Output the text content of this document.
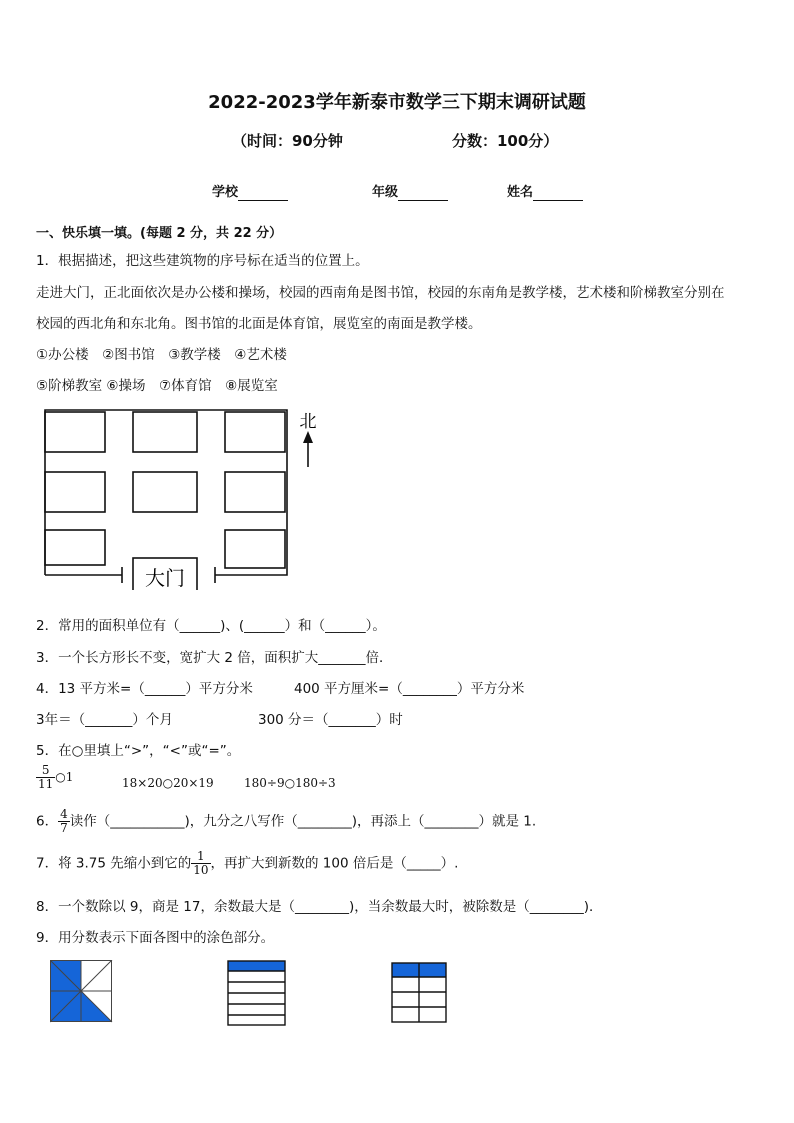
2022-2023学年新泰市数学三下期末调研试题
（时间：90分钟	分数：100分）
学校	年级	姓名
一、快乐填一填。(每题 2 分，共 22 分）
1．根据描述，把这些建筑物的序号标在适当的位置上。
走进大门，正北面依次是办公楼和操场，校园的西南角是图书馆，校园的东南角是教学楼，艺术楼和阶梯教室分别在
校园的西北角和东北角。图书馆的北面是体育馆，展览室的南面是教学楼。
①办公楼　②图书馆　③教学楼　④艺术楼
⑤阶梯教室 ⑥操场　⑦体育馆　⑧展览室
大门
北
2．常用的面积单位有（______)、(______）和（______）。
3．一个长方形长不变，宽扩大 2 倍，面积扩大_______倍．
4．13 平方米=（______）平方分米	400 平方厘米=（________）平方分米
3年＝（_______）个月	300 分＝（_______）时
5．在○里填上“>”，“<”或“=”。
$\frac{5}{11}$ ○1	18×20○20×19	180÷9○180÷3
6． $\frac{4}{7}$ 读作（___________)，九分之八写作（________)，再添上（________）就是 1.
7．将 3.75 先缩小到它的 $\frac{1}{10}$ ，再扩大到新数的 100 倍后是（_____）.
8．一个数除以 9，商是 17，余数最大是（________)，当余数最大时，被除数是（________)．
9．用分数表示下面各图中的涂色部分。
